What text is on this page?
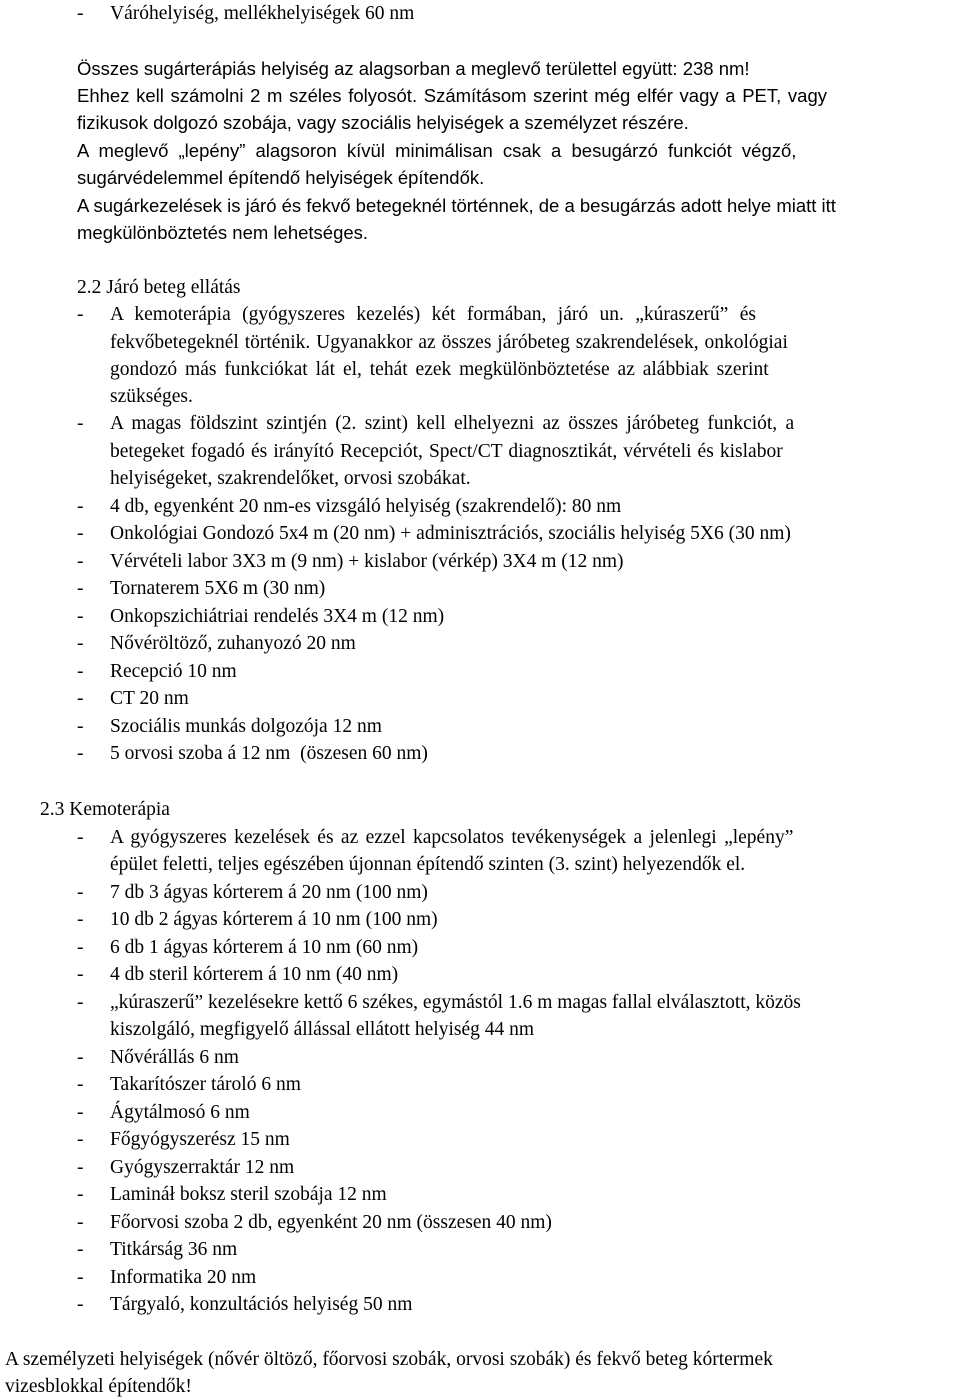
- Váróhelyiség, mellékhelyiségek 60 nm
Összes sugárterápiás helyiség az alagsorban a meglevő területtel együtt: 238 nm!
Ehhez kell számolni 2 m széles folyosót. Számításom szerint még elfér vagy a PET, vagy
fizikusok dolgozó szobája, vagy szociális helyiségek a személyzet részére.
A meglevő „lepény” alagsoron kívül minimálisan csak a besugárzó funkciót végző,
sugárvédelemmel építendő helyiségek építendők.
A sugárkezelések is járó és fekvő betegeknél történnek, de a besugárzás adott helye miatt itt
megkülönböztetés nem lehetséges.
2.2 Járó beteg ellátás
- A kemoterápia (gyógyszeres kezelés) két formában, járó un. „kúraszerű” és
fekvőbetegeknél történik. Ugyanakkor az összes járóbeteg szakrendelések, onkológiai
gondozó más funkciókat lát el, tehát ezek megkülönböztetése az alábbiak szerint
szükséges.
- A magas földszint szintjén (2. szint) kell elhelyezni az összes járóbeteg funkciót, a
betegeket fogadó és irányító Recepciót, Spect/CT diagnosztikát, vérvételi és kislabor
helyiségeket, szakrendelőket, orvosi szobákat.
- 4 db, egyenként 20 nm-es vizsgáló helyiség (szakrendelő): 80 nm
- Onkológiai Gondozó 5x4 m (20 nm) + adminisztrációs, szociális helyiség 5X6 (30 nm)
- Vérvételi labor 3X3 m (9 nm) + kislabor (vérkép) 3X4 m (12 nm)
- Tornaterem 5X6 m (30 nm)
- Onkopszichiátriai rendelés 3X4 m (12 nm)
- Nővéröltöző, zuhanyozó 20 nm
- Recepció 10 nm
- CT 20 nm
- Szociális munkás dolgozója 12 nm
- 5 orvosi szoba á 12 nm  (öszesen 60 nm)
2.3 Kemoterápia
- A gyógyszeres kezelések és az ezzel kapcsolatos tevékenységek a jelenlegi „lepény”
épület feletti, teljes egészében újonnan építendő szinten (3. szint) helyezendők el.
- 7 db 3 ágyas kórterem á 20 nm (100 nm)
- 10 db 2 ágyas kórterem á 10 nm (100 nm)
- 6 db 1 ágyas kórterem á 10 nm (60 nm)
- 4 db steril kórterem á 10 nm (40 nm)
- „kúraszerű” kezelésekre kettő 6 székes, egymástól 1.6 m magas fallal elválasztott, közös
kiszolgáló, megfigyelő állással ellátott helyiség 44 nm
- Nővérállás 6 nm
- Takarítószer tároló 6 nm
- Ágytálmosó 6 nm
- Főgyógyszerész 15 nm
- Gyógyszerraktár 12 nm
- Lamináł boksz steril szobája 12 nm
- Főorvosi szoba 2 db, egyenként 20 nm (összesen 40 nm)
- Titkárság 36 nm
- Informatika 20 nm
- Tárgyaló, konzultációs helyiség 50 nm
A személyzeti helyiségek (nővér öltöző, főorvosi szobák, orvosi szobák) és fekvő beteg kórtermek
vizesblokkal építendők!
